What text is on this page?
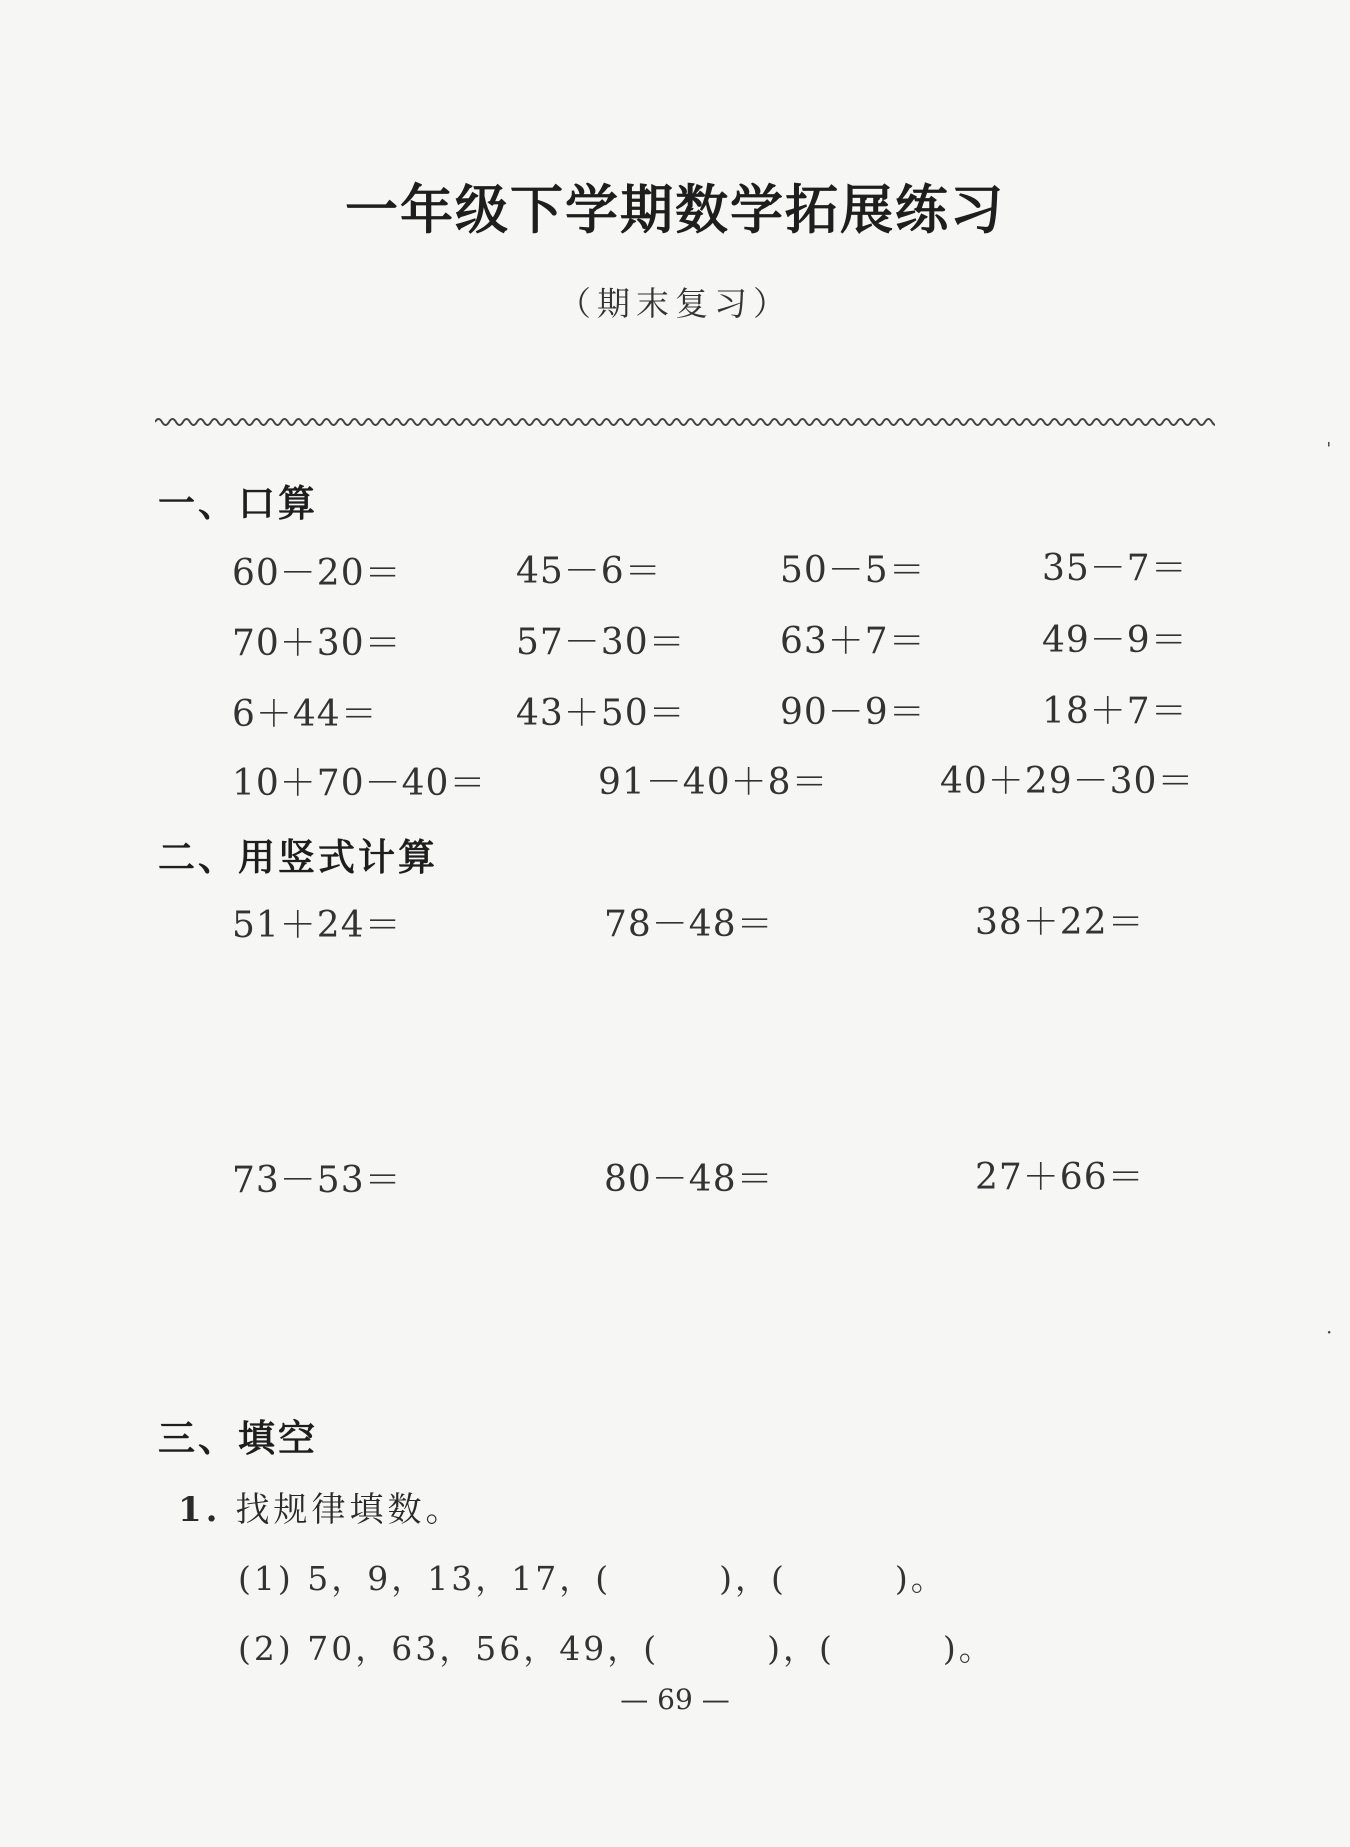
一年级下学期数学拓展练习
（期末复习）
一、口算
60－20＝	45－6＝	50－5＝	35－7＝
70＋30＝	57－30＝	63＋7＝	49－9＝
6＋44＝	43＋50＝	90－9＝	18＋7＝
10＋70－40＝	91－40＋8＝	40＋29－30＝
二、用竖式计算
51＋24＝	78－48＝	38＋22＝
73－53＝	80－48＝	27＋66＝
三、填空
1. 找规律填数。
(1) 5，9，13，17，(　　　)，(　　　)。
(2) 70，63，56，49，(　　　)，(　　　)。
— 69 —
ˈ
·
